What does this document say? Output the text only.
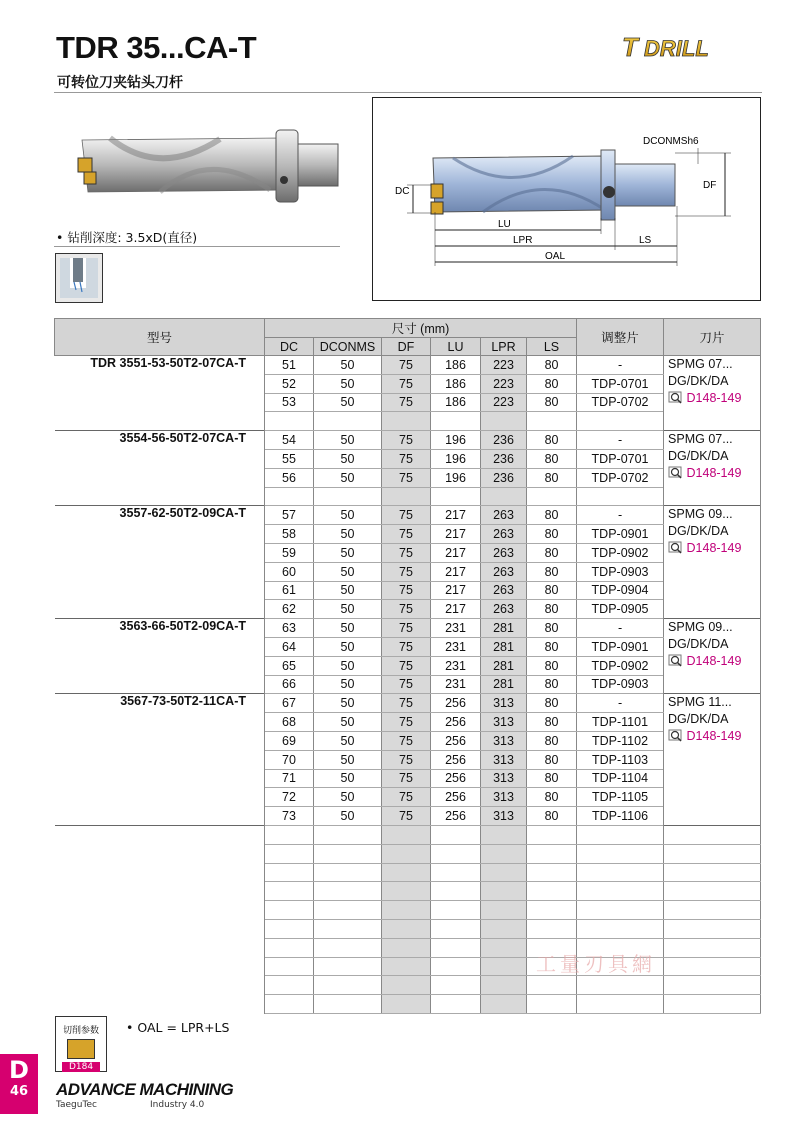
TDR 35...CA-T
可转位刀夹钻头刀杆
T DRILL
• 钻削深度: 3.5xD(直径)
DC
DF
DCONMSh6
LU
LPR	LS
OAL
型号	尺寸 (mm)						调整片	刀片
	DC	DCONMS	DF	LU	LPR	LS		
TDR 3551-53-50T2-07CA-T	51	50	75	186	223	80	-	SPMG 07...
DG/DK/DA
D148-149

	52	50	75	186	223	80	TDP-0701	
	53	50	75	186	223	80	TDP-0702	

3554-56-50T2-07CA-T	54	50	75	196	236	80	-	SPMG 07...
DG/DK/DA
D148-149

	55	50	75	196	236	80	TDP-0701	
	56	50	75	196	236	80	TDP-0702	

3557-62-50T2-09CA-T	57	50	75	217	263	80	-	SPMG 09...
DG/DK/DA
D148-149

	58	50	75	217	263	80	TDP-0901	
	59	50	75	217	263	80	TDP-0902	
	60	50	75	217	263	80	TDP-0903	
	61	50	75	217	263	80	TDP-0904	
	62	50	75	217	263	80	TDP-0905	
3563-66-50T2-09CA-T	63	50	75	231	281	80	-	SPMG 09...
DG/DK/DA
D148-149

	64	50	75	231	281	80	TDP-0901	
	65	50	75	231	281	80	TDP-0902	
	66	50	75	231	281	80	TDP-0903	
3567-73-50T2-11CA-T	67	50	75	256	313	80	-	SPMG 11...
DG/DK/DA
D148-149

	68	50	75	256	313	80	TDP-1101	
	69	50	75	256	313	80	TDP-1102	
	70	50	75	256	313	80	TDP-1103	
	71	50	75	256	313	80	TDP-1104	
	72	50	75	256	313	80	TDP-1105	
	73	50	75	256	313	80	TDP-1106	

工量刃具網
切削参数
D184
• OAL = LPR+LS
D
46	ADVANCE MACHINING
TaeguTec	Industry 4.0
